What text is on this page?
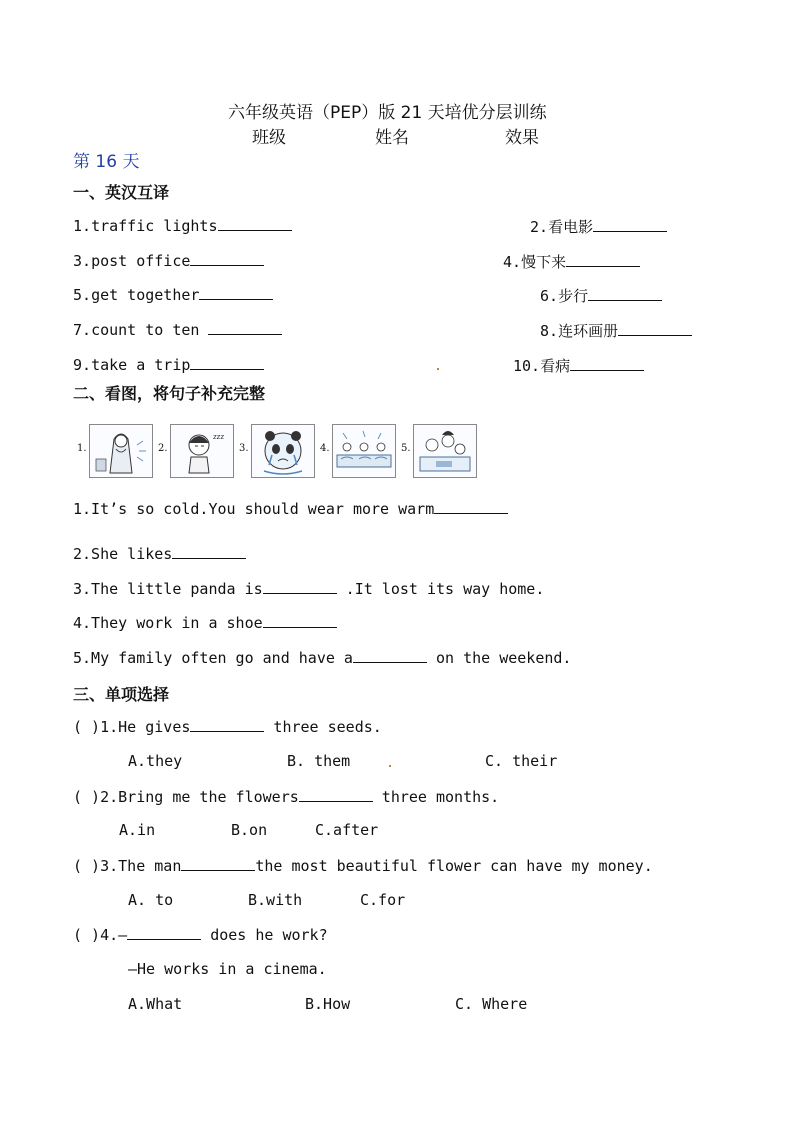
六年级英语（PEP）版 21 天培优分层训练
班级	姓名	效果
第 16 天
一、英汉互译
1.traffic lights	2.看电影
3.post office	4.慢下来
5.get together	6.步行
7.count to ten	8.连环画册
9.take a trip	10.看病
二、看图，将句子补充完整
1.	2.
zzz
3.	4.	5.
1.It’s so cold.You should wear more warm
2.She likes
3.The little panda is	.It lost its way home.
4.They work in a shoe
5.My family often go and have a	on the weekend.
三、单项选择
( )1.He gives	three seeds.
A.they	B. them	C. their
( )2.Bring me the flowers	three months.
A.in	B.on	C.after
( )3.The man	the most beautiful flower can have my money.
A. to	B.with	C.for
( )4.—	does he work?
—He works in a cinema.
A.What	B.How	C. Where
